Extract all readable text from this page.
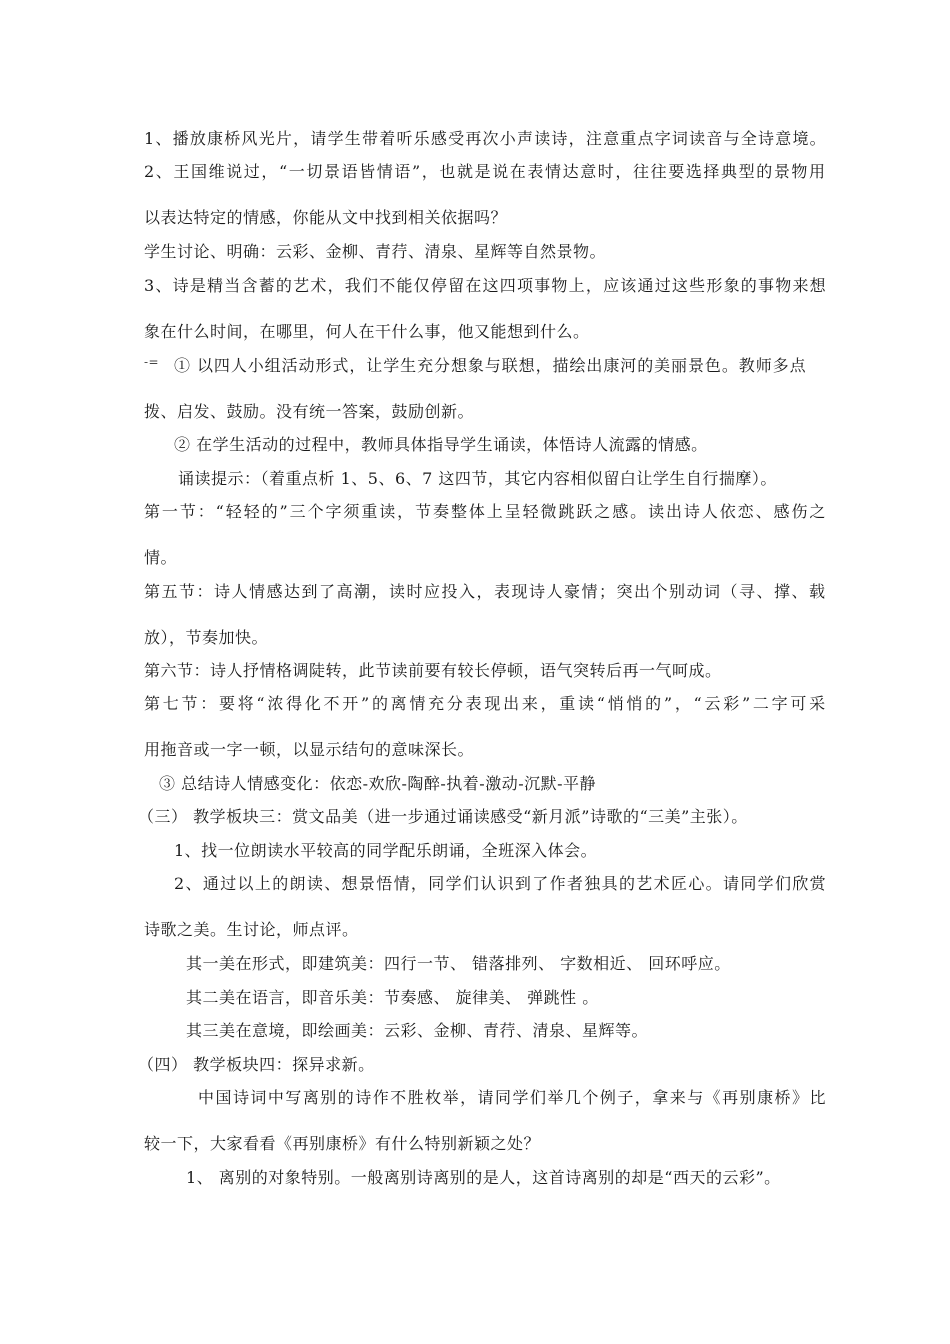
-=
1、播放康桥风光片，请学生带着听乐感受再次小声读诗，注意重点字词读音与全诗意境。
2、王国维说过，“一切景语皆情语”，也就是说在表情达意时，往往要选择典型的景物用
以表达特定的情感，你能从文中找到相关依据吗？
学生讨论、明确：云彩、金柳、青荇、清泉、星辉等自然景物。
3、诗是精当含蓄的艺术，我们不能仅停留在这四项事物上，应该通过这些形象的事物来想
象在什么时间，在哪里，何人在干什么事，他又能想到什么。
① 以四人小组活动形式，让学生充分想象与联想，描绘出康河的美丽景色。教师多点
拨、启发、鼓励。没有统一答案，鼓励创新。
② 在学生活动的过程中，教师具体指导学生诵读，体悟诗人流露的情感。
诵读提示：（着重点析 1、5、6、7 这四节，其它内容相似留白让学生自行揣摩）。
第一节：“轻轻的”三个字须重读，节奏整体上呈轻微跳跃之感。读出诗人依恋、感伤之
情。
第五节：诗人情感达到了高潮，读时应投入，表现诗人豪情；突出个别动词（寻、撑、载
放），节奏加快。
第六节：诗人抒情格调陡转，此节读前要有较长停顿，语气突转后再一气呵成。
第七节：要将“浓得化不开”的离情充分表现出来，重读“悄悄的”，“云彩”二字可采
用拖音或一字一顿，以显示结句的意味深长。
③ 总结诗人情感变化：依恋-欢欣-陶醉-执着-激动-沉默-平静
（三） 教学板块三：赏文品美（进一步通过诵读感受“新月派”诗歌的“三美”主张）。
1、找一位朗读水平较高的同学配乐朗诵，全班深入体会。
2、通过以上的朗读、想景悟情，同学们认识到了作者独具的艺术匠心。请同学们欣赏
诗歌之美。生讨论，师点评。
其一美在形式，即建筑美：四行一节、 错落排列、 字数相近、 回环呼应。
其二美在语言，即音乐美：节奏感、 旋律美、 弹跳性 。
其三美在意境，即绘画美：云彩、金柳、青荇、清泉、星辉等。
（四） 教学板块四：探异求新。
中国诗词中写离别的诗作不胜枚举，请同学们举几个例子，拿来与《再别康桥》比
较一下，大家看看《再别康桥》有什么特别新颖之处？
1、 离别的对象特别。一般离别诗离别的是人，这首诗离别的却是“西天的云彩”。
